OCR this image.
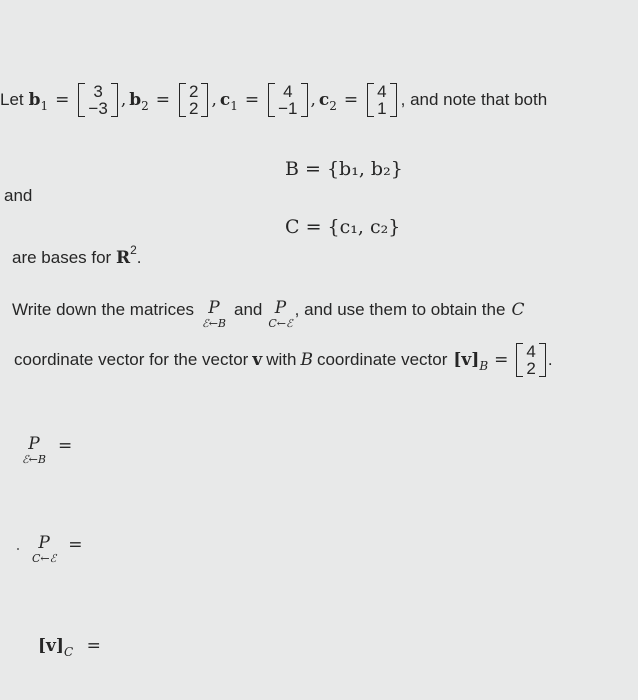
Let $b_1 = 3$
−3 , $b_2 = 2$
2 , $c_1 = 4$
−1 , $c_2 = 4$
1 , and note that both
B = {b₁, b₂}
and
C = {c₁, c₂}
are bases for $R^2$.
Write down the matrices P
ℰ←B
and P
C←ℰ
, and use them to obtain the C
coordinate vector for the vector v with B coordinate vector $[v]_B = 4$
2 .
P
ℰ←B
=
P
C←ℰ
=
$[v]_C$ =
